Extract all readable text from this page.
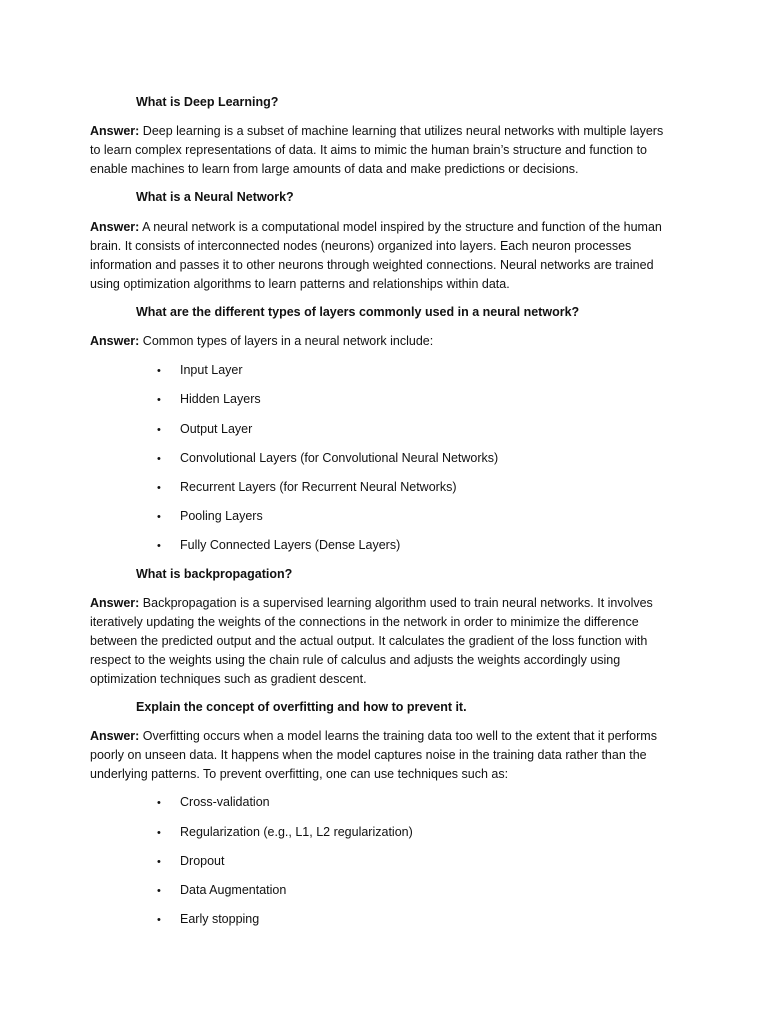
What is Deep Learning?
Answer: Deep learning is a subset of machine learning that utilizes neural networks with multiple layers
to learn complex representations of data. It aims to mimic the human brain’s structure and function to
enable machines to learn from large amounts of data and make predictions or decisions.
What is a Neural Network?
Answer: A neural network is a computational model inspired by the structure and function of the human
brain. It consists of interconnected nodes (neurons) organized into layers. Each neuron processes
information and passes it to other neurons through weighted connections. Neural networks are trained
using optimization algorithms to learn patterns and relationships within data.
What are the different types of layers commonly used in a neural network?
Answer: Common types of layers in a neural network include:
• Input Layer
• Hidden Layers
• Output Layer
• Convolutional Layers (for Convolutional Neural Networks)
• Recurrent Layers (for Recurrent Neural Networks)
• Pooling Layers
• Fully Connected Layers (Dense Layers)
What is backpropagation?
Answer: Backpropagation is a supervised learning algorithm used to train neural networks. It involves
iteratively updating the weights of the connections in the network in order to minimize the difference
between the predicted output and the actual output. It calculates the gradient of the loss function with
respect to the weights using the chain rule of calculus and adjusts the weights accordingly using
optimization techniques such as gradient descent.
Explain the concept of overfitting and how to prevent it.
Answer: Overfitting occurs when a model learns the training data too well to the extent that it performs
poorly on unseen data. It happens when the model captures noise in the training data rather than the
underlying patterns. To prevent overfitting, one can use techniques such as:
• Cross-validation
• Regularization (e.g., L1, L2 regularization)
• Dropout
• Data Augmentation
• Early stopping
